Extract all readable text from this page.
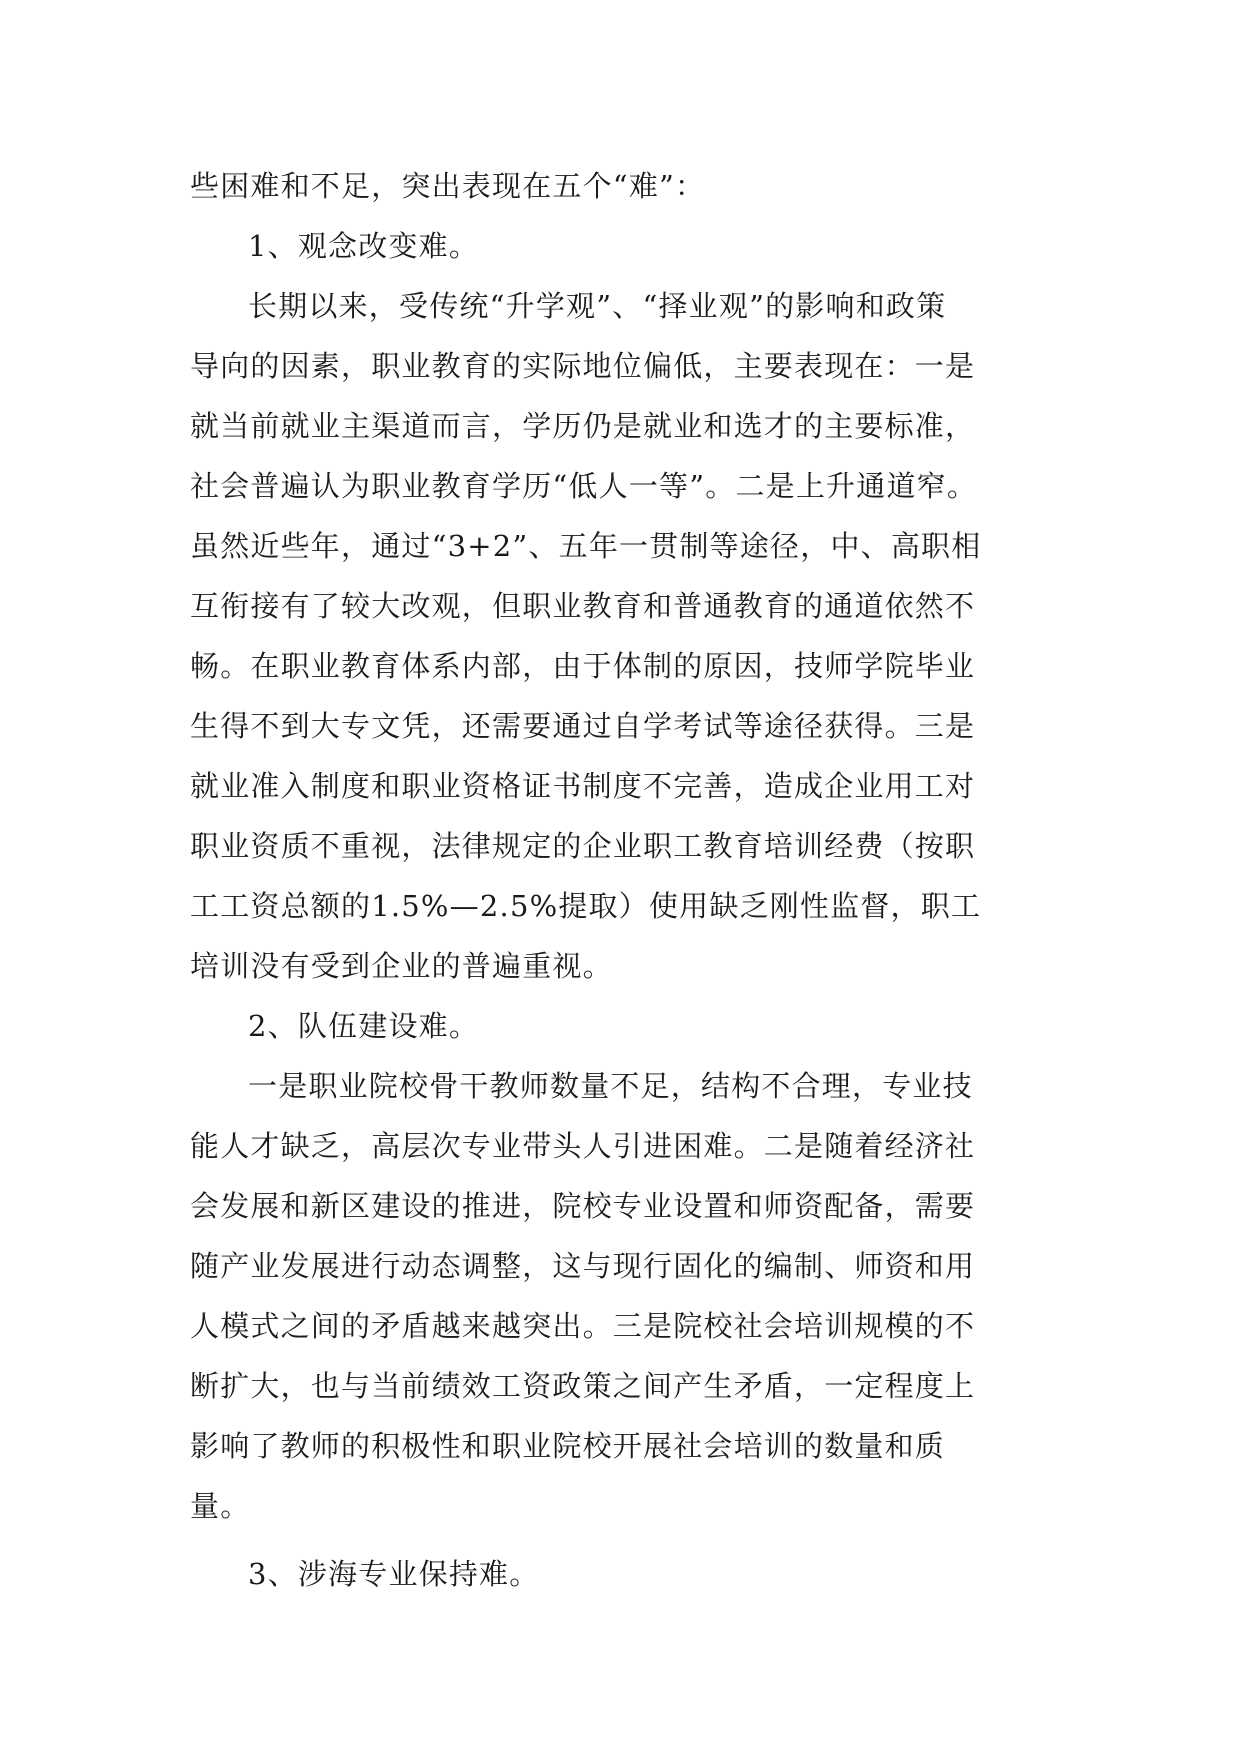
些困难和不足，突出表现在五个“难”：
1、观念改变难。
长期以来，受传统“升学观”、“择业观”的影响和政策
导向的因素，职业教育的实际地位偏低，主要表现在：一是
就当前就业主渠道而言，学历仍是就业和选才的主要标准，
社会普遍认为职业教育学历“低人一等”。二是上升通道窄。
虽然近些年，通过“3+2”、五年一贯制等途径，中、高职相
互衔接有了较大改观，但职业教育和普通教育的通道依然不
畅。在职业教育体系内部，由于体制的原因，技师学院毕业
生得不到大专文凭，还需要通过自学考试等途径获得。三是
就业准入制度和职业资格证书制度不完善，造成企业用工对
职业资质不重视，法律规定的企业职工教育培训经费（按职
工工资总额的1.5%—2.5%提取）使用缺乏刚性监督，职工
培训没有受到企业的普遍重视。
2、队伍建设难。
一是职业院校骨干教师数量不足，结构不合理，专业技
能人才缺乏，高层次专业带头人引进困难。二是随着经济社
会发展和新区建设的推进，院校专业设置和师资配备，需要
随产业发展进行动态调整，这与现行固化的编制、师资和用
人模式之间的矛盾越来越突出。三是院校社会培训规模的不
断扩大，也与当前绩效工资政策之间产生矛盾，一定程度上
影响了教师的积极性和职业院校开展社会培训的数量和质
量。
3、涉海专业保持难。
